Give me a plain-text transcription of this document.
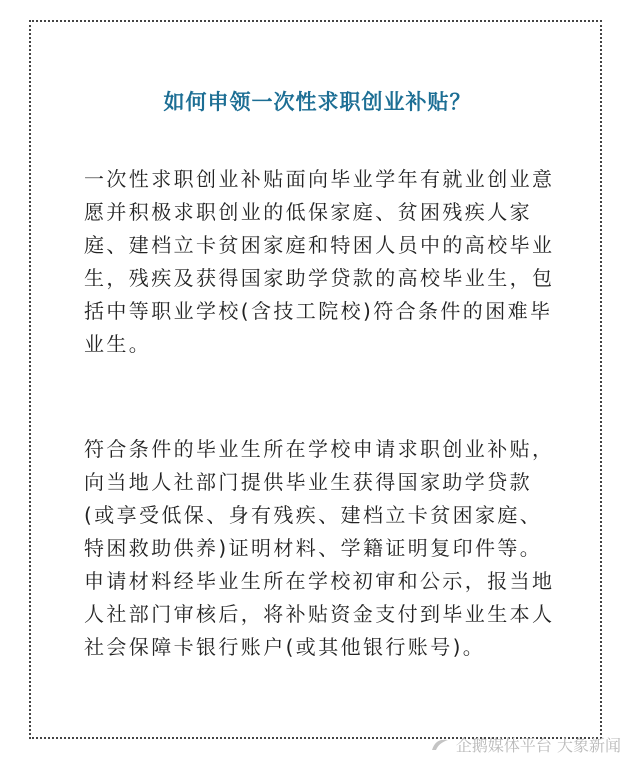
如何申领一次性求职创业补贴？
一次性求职创业补贴面向毕业学年有就业创业意
愿并积极求职创业的低保家庭、贫困残疾人家
庭、建档立卡贫困家庭和特困人员中的高校毕业
生，残疾及获得国家助学贷款的高校毕业生，包
括中等职业学校(含技工院校)符合条件的困难毕
业生。
符合条件的毕业生所在学校申请求职创业补贴，
向当地人社部门提供毕业生获得国家助学贷款
(或享受低保、身有残疾、建档立卡贫困家庭、
特困救助供养)证明材料、学籍证明复印件等。
申请材料经毕业生所在学校初审和公示，报当地
人社部门审核后，将补贴资金支付到毕业生本人
社会保障卡银行账户(或其他银行账号)。
企鹅媒体平台 大象新闻
